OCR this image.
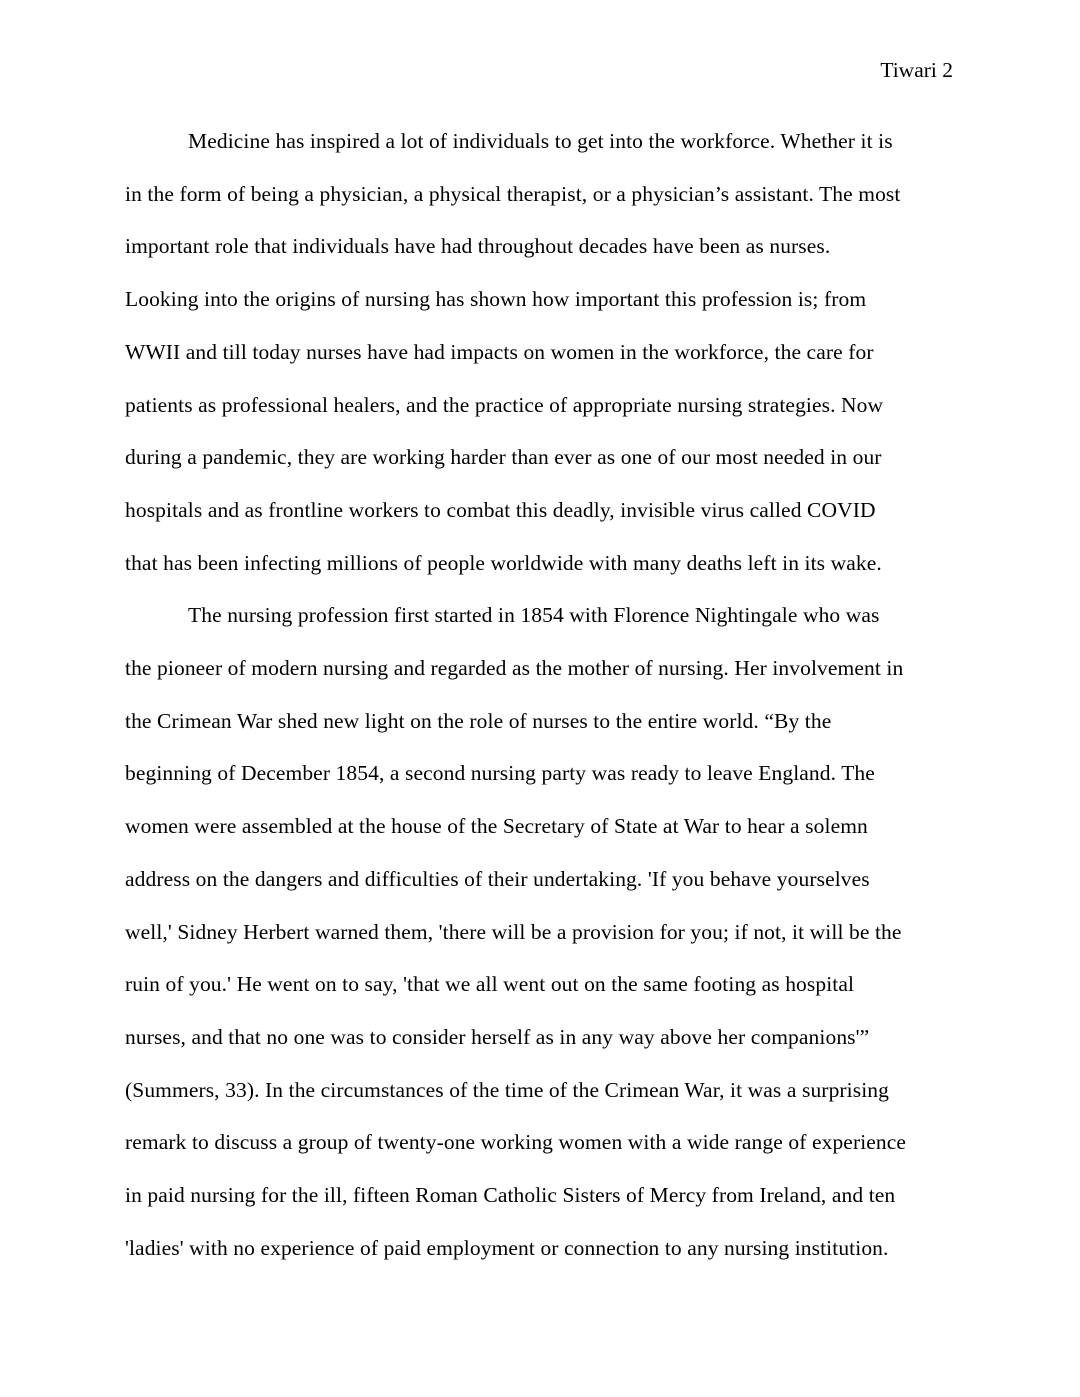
Tiwari 2
Medicine has inspired a lot of individuals to get into the workforce. Whether it is
in the form of being a physician, a physical therapist, or a physician’s assistant. The most
important role that individuals have had throughout decades have been as nurses.
Looking into the origins of nursing has shown how important this profession is; from
WWII and till today nurses have had impacts on women in the workforce, the care for
patients as professional healers, and the practice of appropriate nursing strategies. Now
during a pandemic, they are working harder than ever as one of our most needed in our
hospitals and as frontline workers to combat this deadly, invisible virus called COVID
that has been infecting millions of people worldwide with many deaths left in its wake.
The nursing profession first started in 1854 with Florence Nightingale who was
the pioneer of modern nursing and regarded as the mother of nursing. Her involvement in
the Crimean War shed new light on the role of nurses to the entire world. “By the
beginning of December 1854, a second nursing party was ready to leave England. The
women were assembled at the house of the Secretary of State at War to hear a solemn
address on the dangers and difficulties of their undertaking. 'If you behave yourselves
well,' Sidney Herbert warned them, 'there will be a provision for you; if not, it will be the
ruin of you.' He went on to say, 'that we all went out on the same footing as hospital
nurses, and that no one was to consider herself as in any way above her companions'”
(Summers, 33). In the circumstances of the time of the Crimean War, it was a surprising
remark to discuss a group of twenty-one working women with a wide range of experience
in paid nursing for the ill, fifteen Roman Catholic Sisters of Mercy from Ireland, and ten
'ladies' with no experience of paid employment or connection to any nursing institution.
